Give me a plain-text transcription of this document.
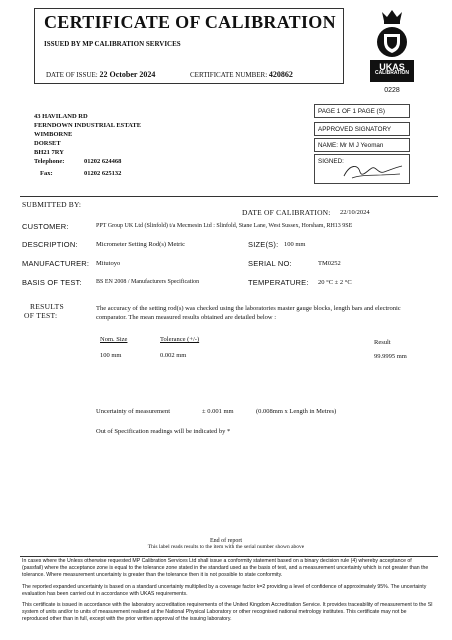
CERTIFICATE OF CALIBRATION
ISSUED BY MP CALIBRATION SERVICES
DATE OF ISSUE: 22 October 2024	CERTIFICATE NUMBER: 420862
UKAS
CALIBRATION
0228
43 HAVILAND RD
FERNDOWN INDUSTRIAL ESTATE
WIMBORNE
DORSET
BH21 7RY
Telephone:	01202 624468
Fax:	01202 625132
PAGE 1 OF 1 PAGE (S)
APPROVED SIGNATORY
NAME: Mr M J Yeoman
SIGNED:
SUBMITTED BY:
DATE OF CALIBRATION: 22/10/2024
CUSTOMER:	PPT Group UK Ltd (Slinfold) t/a Mecmesin Ltd : Slinfold, Stane Lane, West Sussex, Horsham, RH13 9SE
DESCRIPTION:	Micrometer Setting Rod(s) Metric	SIZE(S): 100 mm
MANUFACTURER: Mitutoyo	SERIAL NO:	TM0252
BASIS OF TEST: BS EN 2008 / Manufacturers Specification	TEMPERATURE: 20 °C ± 2 °C
RESULTS
OF TEST:
The accuracy of the setting rod(s) was checked using the laboratories master gauge blocks, length bars and electronic comparator. The mean measured results obtained are detailed below :
Nom. Size	Tolerance (+/-)	Result
100 mm	0.002 mm	99.9995 mm
Uncertainty of measurement	± 0.001 mm	(0.008mm x Length in Metres)
Out of Specification readings will be indicated by *
End of report
This label reads results to the item with the serial number shown above
In cases where the Unless otherwise requested MP Calibration Services Ltd shall issue a conformity statement based on a binary decision rule (4) whereby acceptance of (passfail) where the acceptance zone is equal to the tolerance zone stated in the standard used as the basis of test, and a measurement uncertainty which is not greater than the tolerance. Where measurement uncertainty is greater than the tolerance then it is not possible to state conformity.
The reported expanded uncertainty is based on a standard uncertainty multiplied by a coverage factor k=2 providing a level of confidence of approximately 95%. The uncertainty evaluation has been carried out in accordance with UKAS requirements.
This certificate is issued in accordance with the laboratory accreditation requirements of the United Kingdom Accreditation Service. It provides traceability of measurement to the SI system of units and/or to units of measurement realised at the National Physical Laboratory or other recognised national metrology institutes. This certificate may not be reproduced other than in full, except with the prior written approval of the issuing laboratory.
